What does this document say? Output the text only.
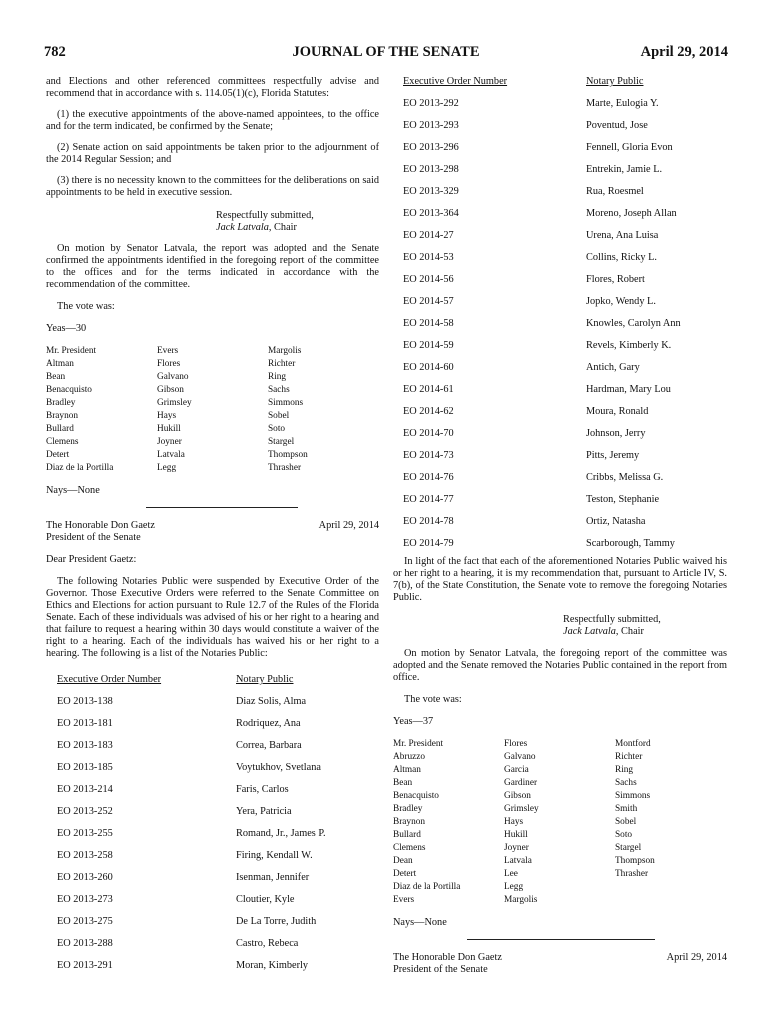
782	JOURNAL OF THE SENATE	April 29, 2014

and Elections and other referenced committees respectfully advise and recommend that in accordance with s. 114.05(1)(c), Florida Statutes:

(1) the executive appointments of the above-named appointees, to the office and for the term indicated, be confirmed by the Senate;

(2) Senate action on said appointments be taken prior to the adjournment of the 2014 Regular Session; and

(3) there is no necessity known to the committees for the deliberations on said appointments to be held in executive session.

Respectfully submitted,
Jack Latvala, Chair

On motion by Senator Latvala, the report was adopted and the Senate confirmed the appointments identified in the foregoing report of the committee to the offices and for the terms indicated in accordance with the recommendation of the committee.

The vote was:

Yeas—30

Mr. President	Evers	Margolis
Altman	Flores	Richter
Bean	Galvano	Ring
Benacquisto	Gibson	Sachs
Bradley	Grimsley	Simmons
Braynon	Hays	Sobel
Bullard	Hukill	Soto
Clemens	Joyner	Stargel
Detert	Latvala	Thompson
Diaz de la Portilla	Legg	Thrasher

Nays—None

The Honorable Don Gaetz	April 29, 2014
President of the Senate

Dear President Gaetz:

The following Notaries Public were suspended by Executive Order of the Governor. Those Executive Orders were referred to the Senate Committee on Ethics and Elections for action pursuant to Rule 12.7 of the Rules of the Florida Senate. Each of these individuals was advised of his or her right to a hearing and that failure to request a hearing within 30 days would constitute a waiver of the right to a hearing. Each of the individuals has waived his or her right to a hearing. The following is a list of the Notaries Public:

Executive Order Number	Notary Public
EO 2013-138	Diaz Solis, Alma
EO 2013-181	Rodriquez, Ana
EO 2013-183	Correa, Barbara
EO 2013-185	Voytukhov, Svetlana
EO 2013-214	Faris, Carlos
EO 2013-252	Yera, Patricia
EO 2013-255	Romand, Jr., James P.
EO 2013-258	Firing, Kendall W.
EO 2013-260	Isenman, Jennifer
EO 2013-273	Cloutier, Kyle
EO 2013-275	De La Torre, Judith
EO 2013-288	Castro, Rebeca
EO 2013-291	Moran, Kimberly
Executive Order Number	Notary Public
EO 2013-292	Marte, Eulogia Y.
EO 2013-293	Poventud, Jose
EO 2013-296	Fennell, Gloria Evon
EO 2013-298	Entrekin, Jamie L.
EO 2013-329	Rua, Roesmel
EO 2013-364	Moreno, Joseph Allan
EO 2014-27	Urena, Ana Luisa
EO 2014-53	Collins, Ricky L.
EO 2014-56	Flores, Robert
EO 2014-57	Jopko, Wendy L.
EO 2014-58	Knowles, Carolyn Ann
EO 2014-59	Revels, Kimberly K.
EO 2014-60	Antich, Gary
EO 2014-61	Hardman, Mary Lou
EO 2014-62	Moura, Ronald
EO 2014-70	Johnson, Jerry
EO 2014-73	Pitts, Jeremy
EO 2014-76	Cribbs, Melissa G.
EO 2014-77	Teston, Stephanie
EO 2014-78	Ortiz, Natasha
EO 2014-79	Scarborough, Tammy

In light of the fact that each of the aforementioned Notaries Public waived his or her right to a hearing, it is my recommendation that, pursuant to Article IV, S. 7(b), of the State Constitution, the Senate vote to remove the foregoing Notaries Public.

Respectfully submitted,
Jack Latvala, Chair

On motion by Senator Latvala, the foregoing report of the committee was adopted and the Senate removed the Notaries Public contained in the report from office.

The vote was:

Yeas—37

Mr. President	Flores	Montford
Abruzzo	Galvano	Richter
Altman	Garcia	Ring
Bean	Gardiner	Sachs
Benacquisto	Gibson	Simmons
Bradley	Grimsley	Smith
Braynon	Hays	Sobel
Bullard	Hukill	Soto
Clemens	Joyner	Stargel
Dean	Latvala	Thompson
Detert	Lee	Thrasher
Diaz de la Portilla	Legg
Evers	Margolis

Nays—None

The Honorable Don Gaetz	April 29, 2014
President of the Senate
